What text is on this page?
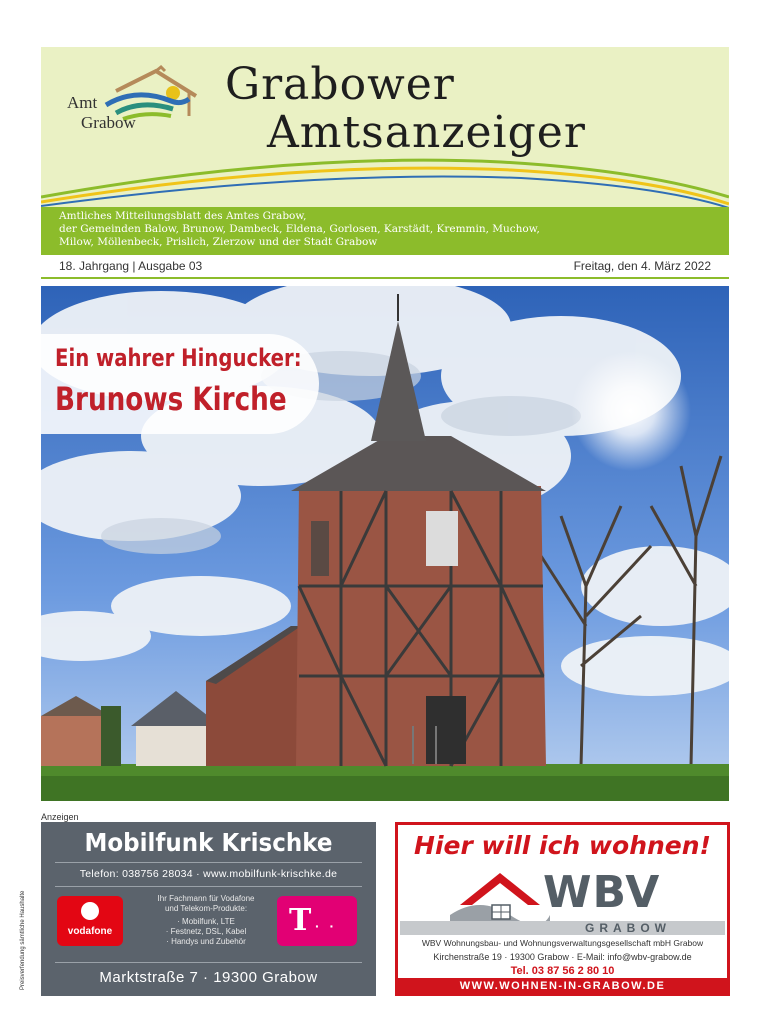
Amt
Grabow
Grabower
Amtsanzeiger
Amtliches Mitteilungsblatt des Amtes Grabow,
der Gemeinden Balow, Brunow, Dambeck, Eldena, Gorlosen, Karstädt, Kremmin, Muchow,
Milow, Möllenbeck, Prislich, Zierzow und der Stadt Grabow
18. Jahrgang | Ausgabe 03	Freitag, den 4. März 2022
Ein wahrer Hingucker:
Brunows Kirche
Anzeigen
Preisverfendung sämtliche Haushalte
Mobilfunk Krischke
Telefon: 038756 28034 · www.mobilfunk-krischke.de
vodafone
Ihr Fachmann für Vodafone
und Telekom-Produkte:
· Mobilfunk, LTE
· Festnetz, DSL, Kabel
· Handys und Zubehör
T · ·
Marktstraße 7 · 19300 Grabow
Hier will ich wohnen!
WBV
GRABOW
WBV Wohnungsbau- und Wohnungsverwaltungsgesellschaft mbH Grabow
Kirchenstraße 19 · 19300 Grabow · E-Mail: info@wbv-grabow.de
Tel. 03 87 56 2 80 10
WWW.WOHNEN-IN-GRABOW.DE
